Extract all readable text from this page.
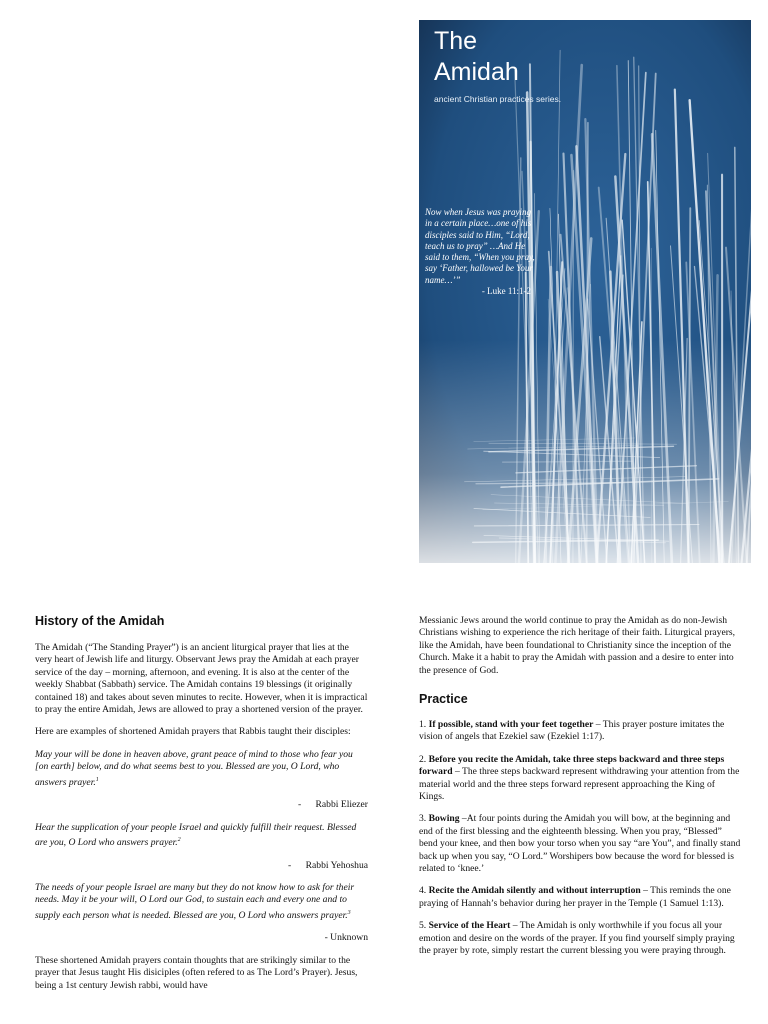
The
Amidah
ancient Christian practices series.
Now when Jesus was praying in a certain place…one of his disciples said to Him, “Lord, teach us to pray” …And He said to them, “When you pray, say ‘Father, hallowed be Your name…’”
- Luke 11:1-2
History of the Amidah

The Amidah (“The Standing Prayer”) is an ancient liturgical prayer that lies at the very heart of Jewish life and liturgy. Observant Jews pray the Amidah at each prayer service of the day – morning, afternoon, and evening. It is also at the center of the weekly Shabbat (Sabbath) service. The Amidah contains 19 blessings (it originally contained 18) and takes about seven minutes to recite. However, when it is impractical to pray the entire Amidah, Jews are allowed to pray a shortened version of the prayer.

Here are examples of shortened Amidah prayers that Rabbis taught their disciples:

May your will be done in heaven above, grant peace of mind to those who fear you [on earth] below, and do what seems best to you. Blessed are you, O Lord, who answers prayer.$^1$

-      Rabbi Eliezer

Hear the supplication of your people Israel and quickly fulfill their request. Blessed are you, O Lord who answers prayer.$^2$

-      Rabbi Yehoshua

The needs of your people Israel are many but they do not know how to ask for their needs. May it be your will, O Lord our God, to sustain each and every one and to supply each person what is needed. Blessed are you, O Lord who answers prayer.$^3$

- Unknown

These shortened Amidah prayers contain thoughts that are strikingly similar to the prayer that Jesus taught His disiciples (often refered to as The Lord’s Prayer). Jesus, being a 1st century Jewish rabbi, would have

Messianic Jews around the world continue to pray the Amidah as do non-Jewish Christians wishing to experience the rich heritage of their faith. Liturgical prayers, like the Amidah, have been foundational to Christianity since the inception of the Church. Make it a habit to pray the Amidah with passion and a desire to enter into the presence of God.

Practice

1. If possible, stand with your feet together – This prayer posture imitates the vision of angels that Ezekiel saw (Ezekiel 1:17).

2. Before you recite the Amidah, take three steps backward and three steps forward – The three steps backward represent withdrawing your attention from the material world and the three steps forward represent approaching the King of Kings.

3. Bowing –At four points during the Amidah you will bow, at the beginning and end of the first blessing and the eighteenth blessing. When you pray, “Blessed” bend your knee, and then bow your torso when you say “are You”, and finally stand back up when you say, “O Lord.” Worshipers bow because the word for blessed is related to ‘knee.’

4. Recite the Amidah silently and without interruption – This reminds the one praying of Hannah’s behavior during her prayer in the Temple (1 Samuel 1:13).

5. Service of the Heart – The Amidah is only worthwhile if you focus all your emotion and desire on the words of the prayer. If you find yourself simply praying the prayer by rote, simply restart the current blessing you were praying through.
